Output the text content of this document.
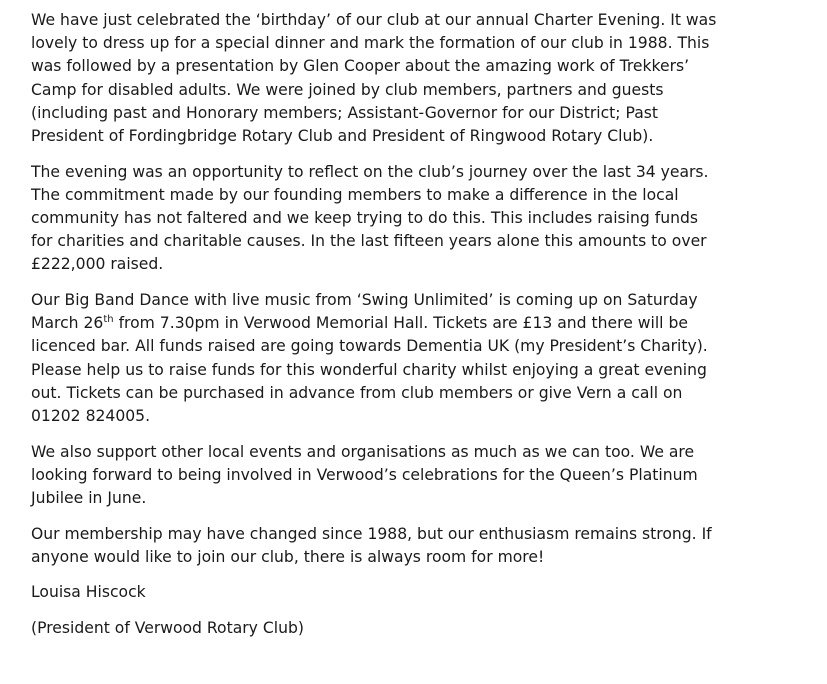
We have just celebrated the ‘birthday’ of our club at our annual Charter Evening. It was
lovely to dress up for a special dinner and mark the formation of our club in 1988. This
was followed by a presentation by Glen Cooper about the amazing work of Trekkers’
Camp for disabled adults. We were joined by club members, partners and guests
(including past and Honorary members; Assistant-Governor for our District; Past
President of Fordingbridge Rotary Club and President of Ringwood Rotary Club).

The evening was an opportunity to reflect on the club’s journey over the last 34 years.
The commitment made by our founding members to make a difference in the local
community has not faltered and we keep trying to do this. This includes raising funds
for charities and charitable causes. In the last fifteen years alone this amounts to over
£222,000 raised.

Our Big Band Dance with live music from ‘Swing Unlimited’ is coming up on Saturday
March 26th from 7.30pm in Verwood Memorial Hall. Tickets are £13 and there will be
licenced bar. All funds raised are going towards Dementia UK (my President’s Charity).
Please help us to raise funds for this wonderful charity whilst enjoying a great evening
out. Tickets can be purchased in advance from club members or give Vern a call on
01202 824005.

We also support other local events and organisations as much as we can too. We are
looking forward to being involved in Verwood’s celebrations for the Queen’s Platinum
Jubilee in June.

Our membership may have changed since 1988, but our enthusiasm remains strong. If
anyone would like to join our club, there is always room for more!

Louisa Hiscock

(President of Verwood Rotary Club)
